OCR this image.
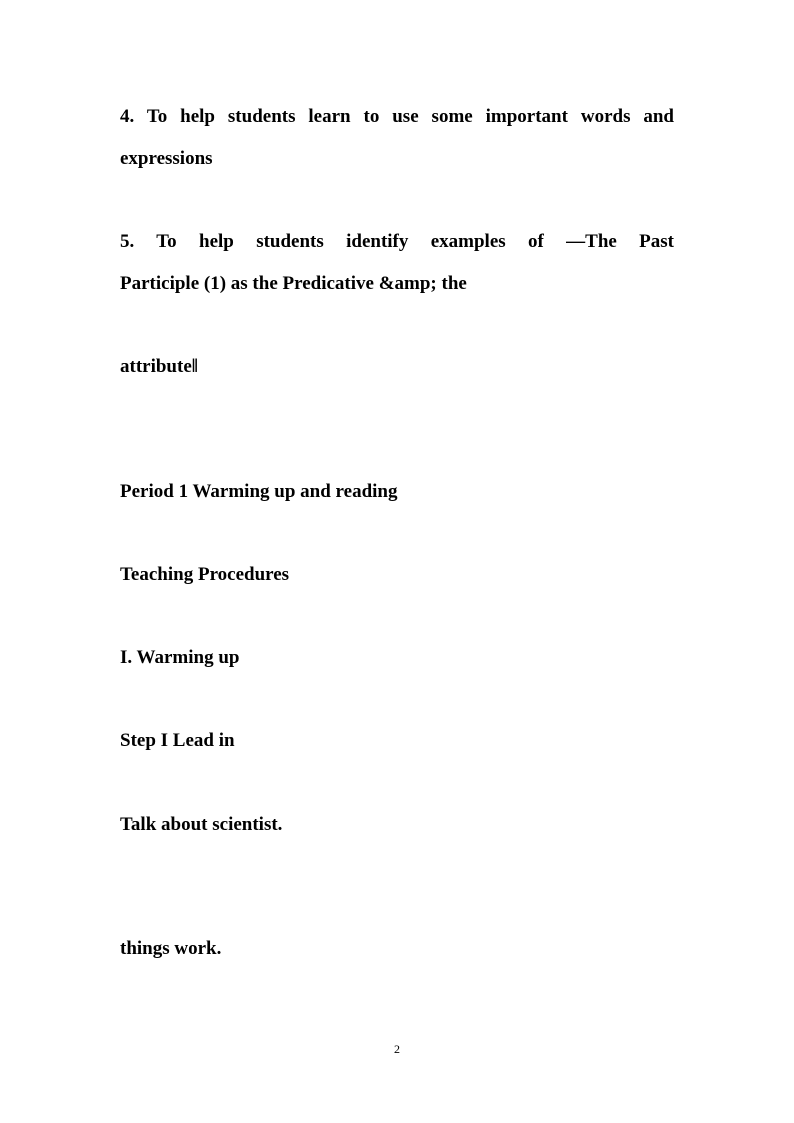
4. To help students learn to use some important words and
expressions
5. To help students identify examples of —The Past
Participle (1) as the Predicative &amp; the
attribute‖
Period 1 Warming up and reading
Teaching Procedures
I. Warming up
Step I Lead in
Talk about scientist.
things work.
2
